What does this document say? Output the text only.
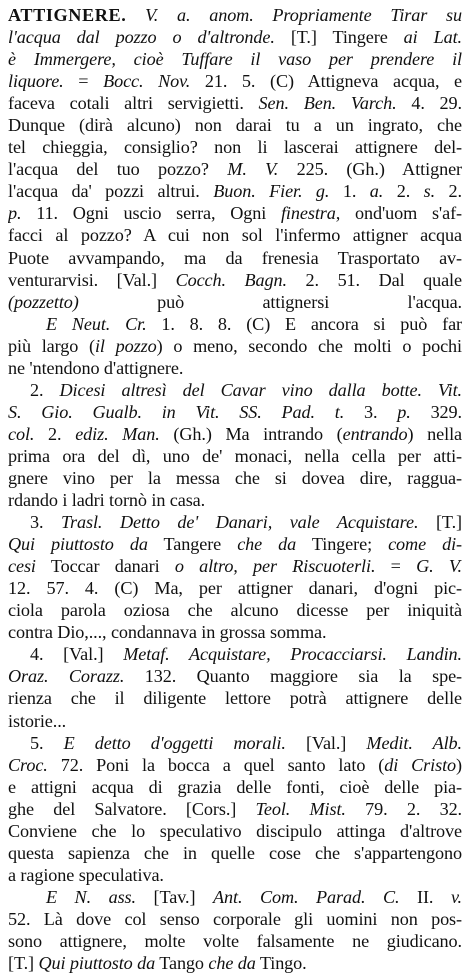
ATTIGNERE. V. a. anom. Propriamente Tirar su
l'acqua dal pozzo o d'altronde. [T.] Tingere ai Lat.
è Immergere, cioè Tuffare il vaso per prendere il
liquore. = Bocc. Nov. 21. 5. (C) Attigneva acqua, e
faceva cotali altri servigietti. Sen. Ben. Varch. 4. 29.
Dunque (dirà alcuno) non darai tu a un ingrato, che
tel chieggia, consiglio? non li lascerai attignere del-
l'acqua del tuo pozzo? M. V. 225. (Gh.) Attigner
l'acqua da' pozzi altrui. Buon. Fier. g. 1. a. 2. s. 2.
p. 11. Ogni uscio serra, Ogni finestra, ond'uom s'af-
facci al pozzo? A cui non sol l'infermo attigner acqua
Puote avvampando, ma da frenesia Trasportato av-
venturarvisi. [Val.] Cocch. Bagn. 2. 51. Dal quale
(pozzetto) può attignersi l'acqua.
E Neut. Cr. 1. 8. 8. (C) E ancora si può far
più largo (il pozzo) o meno, secondo che molti o pochi
ne 'ntendono d'attignere.
2. Dicesi altresì del Cavar vino dalla botte. Vit.
S. Gio. Gualb. in Vit. SS. Pad. t. 3. p. 329.
col. 2. ediz. Man. (Gh.) Ma intrando (entrando) nella
prima ora del dì, uno de' monaci, nella cella per atti-
gnere vino per la messa che si dovea dire, raggua-
rdando i ladri tornò in casa.
3. Trasl. Detto de' Danari, vale Acquistare. [T.]
Qui piuttosto da Tangere che da Tingere; come di-
cesi Toccar danari o altro, per Riscuoterli. = G. V.
12. 57. 4. (C) Ma, per attigner danari, d'ogni pic-
ciola parola oziosa che alcuno dicesse per iniquità
contra Dio,..., condannava in grossa somma.
4. [Val.] Metaf. Acquistare, Procacciarsi. Landin.
Oraz. Corazz. 132. Quanto maggiore sia la spe-
rienza che il diligente lettore potrà attignere delle
istorie...
5. E detto d'oggetti morali. [Val.] Medit. Alb.
Croc. 72. Poni la bocca a quel santo lato (di Cristo)
e attigni acqua di grazia delle fonti, cioè delle pia-
ghe del Salvatore. [Cors.] Teol. Mist. 79. 2. 32.
Conviene che lo speculativo discipulo attinga d'altrove
questa sapienza che in quelle cose che s'appartengono
a ragione speculativa.
E N. ass. [Tav.] Ant. Com. Parad. C. II. v.
52. Là dove col senso corporale gli uomini non pos-
sono attignere, molte volte falsamente ne giudicano.
[T.] Qui piuttosto da Tango che da Tingo.
